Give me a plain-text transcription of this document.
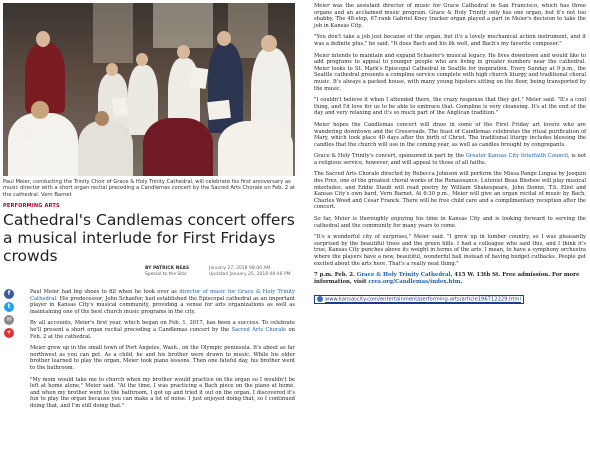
Paul Meier, conducting the Trinity Choir of Grace & Holy Trinity Cathedral, will celebrate his first anniversary as music director with a short organ recital preceding a Candlemas concert by the Sacred Arts Chorale on Feb. 2 at the cathedral. Vern Barnet
PERFORMING ARTS
Cathedral's Candlemas concert offers a musical interlude for First Fridays crowds
BY PATRICK NEAS
Special to the Star
January 27, 2018 08:00 AM
Updated January 25, 2018 08:46 PM
f
t
✉
+

Paul Meier had big shoes to fill when he took over as director of music for Grace & Holy Trinity Cathedral. His predecessor, John Schaefer, had established the Episcopal cathedral as an important player in Kansas City's musical community, providing a venue for arts organizations as well as maintaining one of the best church music programs in the city.

By all accounts, Meier's first year, which began on Feb. 1, 2017, has been a success. To celebrate he'll present a short organ recital preceding a Candlemas concert by the Sacred Arts Chorale on Feb. 2 at the cathedral.

Meier grew up in the small town of Port Angeles, Wash., on the Olympic peninsula. It's about as far northwest as you can get. As a child, he and his brother were drawn to music. While his older brother learned to play the organ, Meier took piano lessons. Then one fateful day, his brother went to the bathroom.

"My mom would take me to church when my brother would practice on the organ so I wouldn't be left at home alone," Meier said. "At the time, I was practicing a Bach piece on the piano at home, and when my brother went to the bathroom, I got up and tried it out on the organ. I discovered it's fun to play the organ because you can make a lot of noise. I just enjoyed doing that, so I continued doing that, and I'm still doing that."

Meier was the assistant director of music for Grace Cathedral in San Francisco, which has three organs and an acclaimed music program. Grace & Holy Trinity only has one organ, but it's not too shabby. The 48-stop, 67-rank Gabriel Kney tracker organ played a part in Meier's decision to take the job in Kansas City.

"You don't take a job just because of the organ, but it's a lovely mechanical action instrument, and it was a definite plus," he said. "It does Bach and his ilk well, and Bach's my favorite composer."

Meier intends to maintain and expand Schaefer's musical legacy. He lives downtown and would like to add programs to appeal to younger people who are living in greater numbers near the cathedral. Meier looks to St. Mark's Episcopal Cathedral in Seattle for inspiration. Every Sunday at 9 p.m., the Seattle cathedral presents a compline service complete with high church liturgy and traditional choral music. It's always a packed house, with many young hipsters sitting on the floor, being transported by the music.

"I couldn't believe it when I attended there, the crazy response that they get," Meier said. "It's a cool thing, and I'd love for us to be able to embrace that. Compline is very cleansing. It's at the end of the day and very relaxing and it's so much part of the Anglican tradition."

Meier hopes the Candlemas concert will draw in some of the First Friday art lovers who are wandering downtown and the Crossroads. The feast of Candlemas celebrates the ritual purification of Mary, which took place 40 days after the birth of Christ. The traditional liturgy includes blessing the candles that the church will use in the coming year, as well as candles brought by congregants.

Grace & Holy Trinity's concert, sponsored in part by the Greater Kansas City Interfaith Council, is not a religious service, however, and will appeal to those of all faiths.

The Sacred Arts Chorale directed by Rebecca Johnson will perform the Missa Pange Lingua by Josquin des Prez, one of the greatest choral works of the Renaissance. Lutenist Beau Bledsoe will play musical interludes, and Eddie Staub will read poetry by William Shakespeare, John Donne, T.S. Eliot and Kansas City's own bard, Vern Barnet. At 6:30 p.m., Meier will give an organ recital of music by Bach, Charles Wood and César Franck. There will be free child care and a complimentary reception after the concert.

So far, Meier is thoroughly enjoying his time in Kansas City and is looking forward to serving the cathedral and the community for many years to come.

"It's a wonderful city of surprises," Meier said. "I grew up in lumber country, so I was pleasantly surprised by the beautiful trees and the green hills. I had a colleague who said this, and I think it's true, Kansas City punches above its weight in terms of the arts. I mean, to have a symphony orchestra where the players have a new, beautiful, wonderful hall instead of having budget cutbacks. People get excited about the arts here. That's a really neat thing."

7 p.m. Feb. 2. Grace & Holy Trinity Cathedral, 415 W. 13th St. Free admission. For more information, visit cres.org/Candlemas/index.htm.

www.kansascity.com/entertainment/performing-arts/article196712229.html
